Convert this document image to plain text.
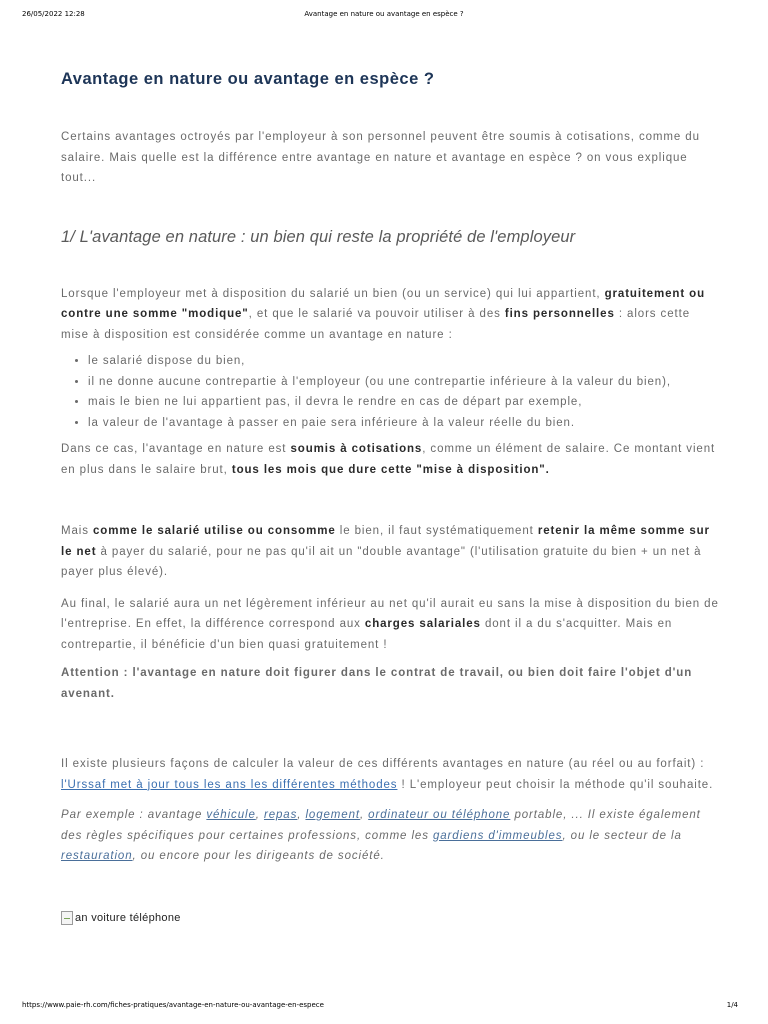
26/05/2022 12:28	Avantage en nature ou avantage en espèce ?
Avantage en nature ou avantage en espèce ?

Certains avantages octroyés par l'employeur à son personnel peuvent être soumis à cotisations, comme du salaire. Mais quelle est la différence entre avantage en nature et avantage en espèce ? on vous explique tout...

1/ L'avantage en nature : un bien qui reste la propriété de l'employeur

Lorsque l'employeur met à disposition du salarié un bien (ou un service) qui lui appartient, gratuitement ou contre une somme "modique", et que le salarié va pouvoir utiliser à des fins personnelles : alors cette mise à disposition est considérée comme un avantage en nature :

• le salarié dispose du bien,
• il ne donne aucune contrepartie à l'employeur (ou une contrepartie inférieure à la valeur du bien),
• mais le bien ne lui appartient pas, il devra le rendre en cas de départ par exemple,
• la valeur de l'avantage à passer en paie sera inférieure à la valeur réelle du bien.

Dans ce cas, l'avantage en nature est soumis à cotisations, comme un élément de salaire. Ce montant vient en plus dans le salaire brut, tous les mois que dure cette "mise à disposition".

Mais comme le salarié utilise ou consomme le bien, il faut systématiquement retenir la même somme sur le net à payer du salarié, pour ne pas qu'il ait un "double avantage" (l'utilisation gratuite du bien + un net à payer plus élevé).

Au final, le salarié aura un net légèrement inférieur au net qu'il aurait eu sans la mise à disposition du bien de l'entreprise. En effet, la différence correspond aux charges salariales dont il a du s'acquitter. Mais en contrepartie, il bénéficie d'un bien quasi gratuitement !

Attention : l'avantage en nature doit figurer dans le contrat de travail, ou bien doit faire l'objet d'un avenant.

Il existe plusieurs façons de calculer la valeur de ces différents avantages en nature (au réel ou au forfait) : l'Urssaf met à jour tous les ans les différentes méthodes ! L'employeur peut choisir la méthode qu'il souhaite.

Par exemple : avantage véhicule, repas, logement, ordinateur ou téléphone portable, ... Il existe également des règles spécifiques pour certaines professions, comme les gardiens d'immeubles, ou le secteur de la restauration, ou encore pour les dirigeants de société.

an voiture téléphone
https://www.paie-rh.com/fiches-pratiques/avantage-en-nature-ou-avantage-en-espece	1/4
